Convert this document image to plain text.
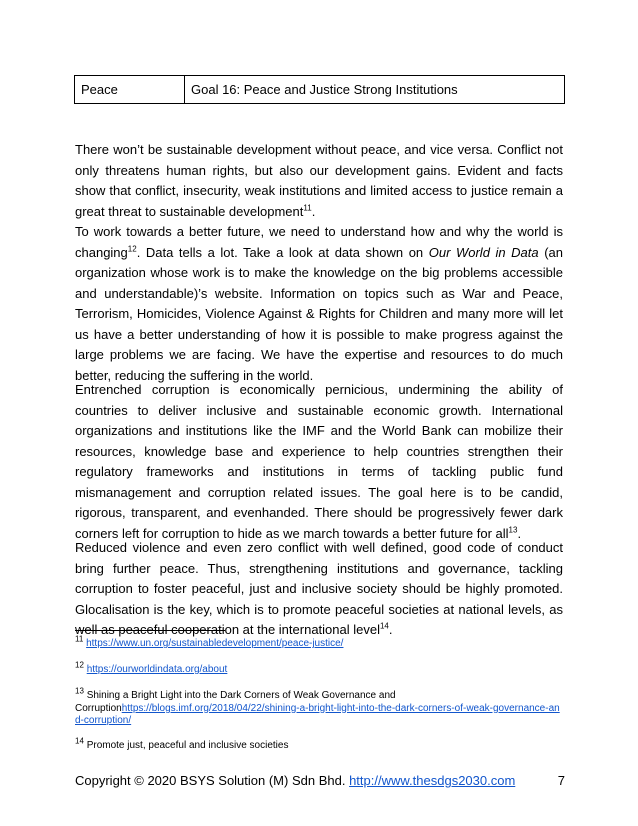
Peace	Goal 16: Peace and Justice Strong Institutions

There won’t be sustainable development without peace, and vice versa. Conflict not only threatens human rights, but also our development gains. Evident and facts show that conflict, insecurity, weak institutions and limited access to justice remain a great threat to sustainable development$^{11}$.

To work towards a better future, we need to understand how and why the world is changing$^{12}$. Data tells a lot. Take a look at data shown on Our World in Data (an organization whose work is to make the knowledge on the big problems accessible and understandable)’s website. Information on topics such as War and Peace, Terrorism, Homicides, Violence Against & Rights for Children and many more will let us have a better understanding of how it is possible to make progress against the large problems we are facing. We have the expertise and resources to do much better, reducing the suffering in the world.

Entrenched corruption is economically pernicious, undermining the ability of countries to deliver inclusive and sustainable economic growth. International organizations and institutions like the IMF and the World Bank can mobilize their resources, knowledge base and experience to help countries strengthen their regulatory frameworks and institutions in terms of tackling public fund mismanagement and corruption related issues. The goal here is to be candid, rigorous, transparent, and evenhanded. There should be progressively fewer dark corners left for corruption to hide as we march towards a better future for all$^{13}$.

Reduced violence and even zero conflict with well defined, good code of conduct bring further peace. Thus, strengthening institutions and governance, tackling corruption to foster peaceful, just and inclusive society should be highly promoted. Glocalisation is the key, which is to promote peaceful societies at national levels, as well as peaceful cooperation at the international level$^{14}$.

$^{11}$ https://www.un.org/sustainabledevelopment/peace-justice/

$^{12}$ https://ourworldindata.org/about

$^{13}$ Shining a Bright Light into the Dark Corners of Weak Governance and
Corruptionhttps://blogs.imf.org/2018/04/22/shining-a-bright-light-into-the-dark-corners-of-weak-governance-and-corruption/

$^{14}$ Promote just, peaceful and inclusive societies

Copyright © 2020 BSYS Solution (M) Sdn Bhd. http://www.thesdgs2030.com	7
